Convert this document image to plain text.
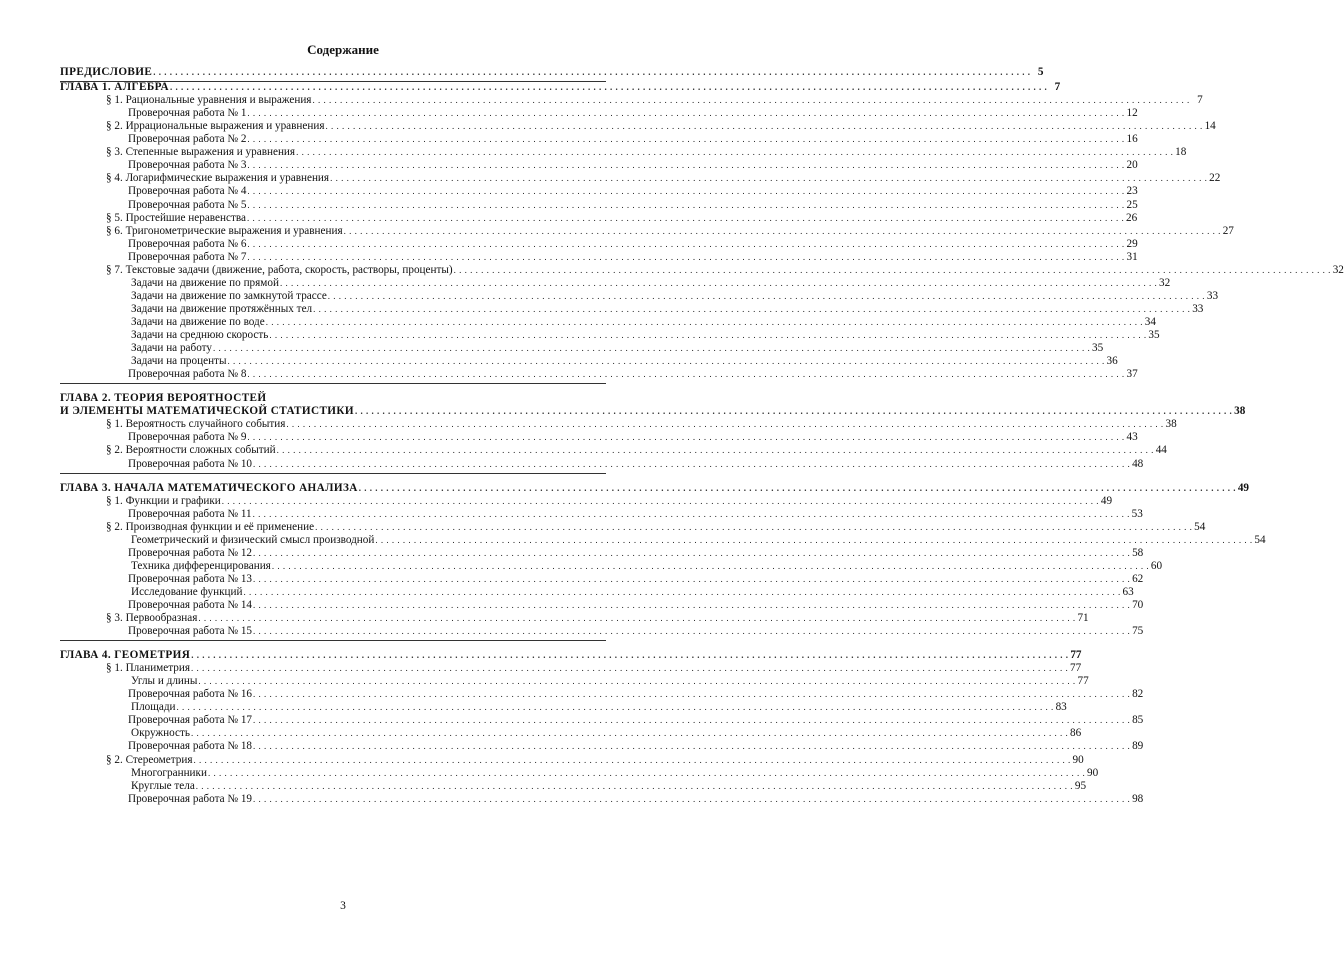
Содержание
ПРЕДИСЛОВИЕ . . . . . . . . . . . . . . . . . . . . . . . . . . . . . . . . . . . . . . . . . . . . . . . . . . . . . . . . . . . . . . . . . . . . . . . . . . . . . . . . . . . . . . . . . . . . . . . . . . . . . . . . . . . . . . . . . . . . . . . . . . . . . . . . . . . . . . . . . . . . . . . . . . . . . . . . . . . . . . . . 5
ГЛАВА 1. АЛГЕБРА . . . . . . . . . . . . . . . . . . . . . . . . . . . . . . . . . . . . . . . . . . . . . . . . . . . . . . . . . . . . . . . . . . . . . . . . . . . . . . . . . . . . . . . . . . . . . . . . . . . . . . . . . . . . . . . . . . . . . . . . . . . . . . . . . . . . . . . . . . . . . . . . . . . . . . . . . . . . . . . . 7
§ 1. Рациональные уравнения и выражения . . . . . . . . . . . . . . . . . . . . . . . . . . . . . . . . . . . . . . . . . . . . . . . . . . . . . . . . . . . . . . . . . . . . . . . . . . . . . . . . . . . . . . . . . . . . . . . . . . . . . . . . . . . . . . . . . . . . . . . . . . . . . . . . . . . . . . . . . . . . . . . . . . . . . . . . . . . . . . . . 7
Проверочная работа № 1 . . . . . . . . . . . . . . . . . . . . . . . . . . . . . . . . . . . . . . . . . . . . . . . . . . . . . . . . . . . . . . . . . . . . . . . . . . . . . . . . . . . . . . . . . . . . . . . . . . . . . . . . . . . . . . . . . . . . . . . . . . . . . . . . . . . . . . . . . . . . . . . . . . . . . . . . . . . . . . . . 12
§ 2. Иррациональные выражения и уравнения . . . . . . . . . . . . . . . . . . . . . . . . . . . . . . . . . . . . . . . . . . . . . . . . . . . . . . . . . . . . . . . . . . . . . . . . . . . . . . . . . . . . . . . . . . . . . . . . . . . . . . . . . . . . . . . . . . . . . . . . . . . . . . . . . . . . . . . . . . . . . . . . . . . . . . . . . . . . . . . . 14
Проверочная работа № 2 . . . . . . . . . . . . . . . . . . . . . . . . . . . . . . . . . . . . . . . . . . . . . . . . . . . . . . . . . . . . . . . . . . . . . . . . . . . . . . . . . . . . . . . . . . . . . . . . . . . . . . . . . . . . . . . . . . . . . . . . . . . . . . . . . . . . . . . . . . . . . . . . . . . . . . . . . . . . . . . . 16
§ 3. Степенные выражения и уравнения . . . . . . . . . . . . . . . . . . . . . . . . . . . . . . . . . . . . . . . . . . . . . . . . . . . . . . . . . . . . . . . . . . . . . . . . . . . . . . . . . . . . . . . . . . . . . . . . . . . . . . . . . . . . . . . . . . . . . . . . . . . . . . . . . . . . . . . . . . . . . . . . . . . . . . . . . . . . . . . . 18
Проверочная работа № 3 . . . . . . . . . . . . . . . . . . . . . . . . . . . . . . . . . . . . . . . . . . . . . . . . . . . . . . . . . . . . . . . . . . . . . . . . . . . . . . . . . . . . . . . . . . . . . . . . . . . . . . . . . . . . . . . . . . . . . . . . . . . . . . . . . . . . . . . . . . . . . . . . . . . . . . . . . . . . . . . . 20
§ 4. Логарифмические выражения и уравнения . . . . . . . . . . . . . . . . . . . . . . . . . . . . . . . . . . . . . . . . . . . . . . . . . . . . . . . . . . . . . . . . . . . . . . . . . . . . . . . . . . . . . . . . . . . . . . . . . . . . . . . . . . . . . . . . . . . . . . . . . . . . . . . . . . . . . . . . . . . . . . . . . . . . . . . . . . . . . . . . 22
Проверочная работа № 4 . . . . . . . . . . . . . . . . . . . . . . . . . . . . . . . . . . . . . . . . . . . . . . . . . . . . . . . . . . . . . . . . . . . . . . . . . . . . . . . . . . . . . . . . . . . . . . . . . . . . . . . . . . . . . . . . . . . . . . . . . . . . . . . . . . . . . . . . . . . . . . . . . . . . . . . . . . . . . . . . 23
Проверочная работа № 5 . . . . . . . . . . . . . . . . . . . . . . . . . . . . . . . . . . . . . . . . . . . . . . . . . . . . . . . . . . . . . . . . . . . . . . . . . . . . . . . . . . . . . . . . . . . . . . . . . . . . . . . . . . . . . . . . . . . . . . . . . . . . . . . . . . . . . . . . . . . . . . . . . . . . . . . . . . . . . . . . 25
§ 5. Простейшие неравенства . . . . . . . . . . . . . . . . . . . . . . . . . . . . . . . . . . . . . . . . . . . . . . . . . . . . . . . . . . . . . . . . . . . . . . . . . . . . . . . . . . . . . . . . . . . . . . . . . . . . . . . . . . . . . . . . . . . . . . . . . . . . . . . . . . . . . . . . . . . . . . . . . . . . . . . . . . . . . . . . 26
§ 6. Тригонометрические выражения и уравнения . . . . . . . . . . . . . . . . . . . . . . . . . . . . . . . . . . . . . . . . . . . . . . . . . . . . . . . . . . . . . . . . . . . . . . . . . . . . . . . . . . . . . . . . . . . . . . . . . . . . . . . . . . . . . . . . . . . . . . . . . . . . . . . . . . . . . . . . . . . . . . . . . . . . . . . . . . . . . . . . 27
Проверочная работа № 6 . . . . . . . . . . . . . . . . . . . . . . . . . . . . . . . . . . . . . . . . . . . . . . . . . . . . . . . . . . . . . . . . . . . . . . . . . . . . . . . . . . . . . . . . . . . . . . . . . . . . . . . . . . . . . . . . . . . . . . . . . . . . . . . . . . . . . . . . . . . . . . . . . . . . . . . . . . . . . . . . 29
Проверочная работа № 7 . . . . . . . . . . . . . . . . . . . . . . . . . . . . . . . . . . . . . . . . . . . . . . . . . . . . . . . . . . . . . . . . . . . . . . . . . . . . . . . . . . . . . . . . . . . . . . . . . . . . . . . . . . . . . . . . . . . . . . . . . . . . . . . . . . . . . . . . . . . . . . . . . . . . . . . . . . . . . . . . 31
§ 7. Текстовые задачи (движение, работа, скорость, растворы, проценты) . . . . . . . . . . . . . . . . . . . . . . . . . . . . . . . . . . . . . . . . . . . . . . . . . . . . . . . . . . . . . . . . . . . . . . . . . . . . . . . . . . . . . . . . . . . . . . . . . . . . . . . . . . . . . . . . . . . . . . . . . . . . . . . . . . . . . . . . . . . . . . . . . . . . . . . . . . . . . . . . 32
Задачи на движение по прямой . . . . . . . . . . . . . . . . . . . . . . . . . . . . . . . . . . . . . . . . . . . . . . . . . . . . . . . . . . . . . . . . . . . . . . . . . . . . . . . . . . . . . . . . . . . . . . . . . . . . . . . . . . . . . . . . . . . . . . . . . . . . . . . . . . . . . . . . . . . . . . . . . . . . . . . . . . . . . . . . 32
Задачи на движение по замкнутой трассе . . . . . . . . . . . . . . . . . . . . . . . . . . . . . . . . . . . . . . . . . . . . . . . . . . . . . . . . . . . . . . . . . . . . . . . . . . . . . . . . . . . . . . . . . . . . . . . . . . . . . . . . . . . . . . . . . . . . . . . . . . . . . . . . . . . . . . . . . . . . . . . . . . . . . . . . . . . . . . . . 33
Задачи на движение протяжённых тел . . . . . . . . . . . . . . . . . . . . . . . . . . . . . . . . . . . . . . . . . . . . . . . . . . . . . . . . . . . . . . . . . . . . . . . . . . . . . . . . . . . . . . . . . . . . . . . . . . . . . . . . . . . . . . . . . . . . . . . . . . . . . . . . . . . . . . . . . . . . . . . . . . . . . . . . . . . . . . . . 33
Задачи на движение по воде . . . . . . . . . . . . . . . . . . . . . . . . . . . . . . . . . . . . . . . . . . . . . . . . . . . . . . . . . . . . . . . . . . . . . . . . . . . . . . . . . . . . . . . . . . . . . . . . . . . . . . . . . . . . . . . . . . . . . . . . . . . . . . . . . . . . . . . . . . . . . . . . . . . . . . . . . . . . . . . . 34
Задачи на среднюю скорость . . . . . . . . . . . . . . . . . . . . . . . . . . . . . . . . . . . . . . . . . . . . . . . . . . . . . . . . . . . . . . . . . . . . . . . . . . . . . . . . . . . . . . . . . . . . . . . . . . . . . . . . . . . . . . . . . . . . . . . . . . . . . . . . . . . . . . . . . . . . . . . . . . . . . . . . . . . . . . . . 35
Задачи на работу . . . . . . . . . . . . . . . . . . . . . . . . . . . . . . . . . . . . . . . . . . . . . . . . . . . . . . . . . . . . . . . . . . . . . . . . . . . . . . . . . . . . . . . . . . . . . . . . . . . . . . . . . . . . . . . . . . . . . . . . . . . . . . . . . . . . . . . . . . . . . . . . . . . . . . . . . . . . . . . . 35
Задачи на проценты . . . . . . . . . . . . . . . . . . . . . . . . . . . . . . . . . . . . . . . . . . . . . . . . . . . . . . . . . . . . . . . . . . . . . . . . . . . . . . . . . . . . . . . . . . . . . . . . . . . . . . . . . . . . . . . . . . . . . . . . . . . . . . . . . . . . . . . . . . . . . . . . . . . . . . . . . . . . . . . . 36
Проверочная работа № 8 . . . . . . . . . . . . . . . . . . . . . . . . . . . . . . . . . . . . . . . . . . . . . . . . . . . . . . . . . . . . . . . . . . . . . . . . . . . . . . . . . . . . . . . . . . . . . . . . . . . . . . . . . . . . . . . . . . . . . . . . . . . . . . . . . . . . . . . . . . . . . . . . . . . . . . . . . . . . . . . . 37
ГЛАВА 2. ТЕОРИЯ ВЕРОЯТНОСТЕЙ
И ЭЛЕМЕНТЫ МАТЕМАТИЧЕСКОЙ СТАТИСТИКИ . . . . . . . . . . . . . . . . . . . . . . . . . . . . . . . . . . . . . . . . . . . . . . . . . . . . . . . . . . . . . . . . . . . . . . . . . . . . . . . . . . . . . . . . . . . . . . . . . . . . . . . . . . . . . . . . . . . . . . . . . . . . . . . . . . . . . . . . . . . . . . . . . . . . . . . . . . . . . . . . 38
§ 1. Вероятность случайного события . . . . . . . . . . . . . . . . . . . . . . . . . . . . . . . . . . . . . . . . . . . . . . . . . . . . . . . . . . . . . . . . . . . . . . . . . . . . . . . . . . . . . . . . . . . . . . . . . . . . . . . . . . . . . . . . . . . . . . . . . . . . . . . . . . . . . . . . . . . . . . . . . . . . . . . . . . . . . . . . 38
Проверочная работа № 9 . . . . . . . . . . . . . . . . . . . . . . . . . . . . . . . . . . . . . . . . . . . . . . . . . . . . . . . . . . . . . . . . . . . . . . . . . . . . . . . . . . . . . . . . . . . . . . . . . . . . . . . . . . . . . . . . . . . . . . . . . . . . . . . . . . . . . . . . . . . . . . . . . . . . . . . . . . . . . . . . 43
§ 2. Вероятности сложных событий . . . . . . . . . . . . . . . . . . . . . . . . . . . . . . . . . . . . . . . . . . . . . . . . . . . . . . . . . . . . . . . . . . . . . . . . . . . . . . . . . . . . . . . . . . . . . . . . . . . . . . . . . . . . . . . . . . . . . . . . . . . . . . . . . . . . . . . . . . . . . . . . . . . . . . . . . . . . . . . . 44
Проверочная работа № 10 . . . . . . . . . . . . . . . . . . . . . . . . . . . . . . . . . . . . . . . . . . . . . . . . . . . . . . . . . . . . . . . . . . . . . . . . . . . . . . . . . . . . . . . . . . . . . . . . . . . . . . . . . . . . . . . . . . . . . . . . . . . . . . . . . . . . . . . . . . . . . . . . . . . . . . . . . . . . . . . . 48
ГЛАВА 3. НАЧАЛА МАТЕМАТИЧЕСКОГО АНАЛИЗА . . . . . . . . . . . . . . . . . . . . . . . . . . . . . . . . . . . . . . . . . . . . . . . . . . . . . . . . . . . . . . . . . . . . . . . . . . . . . . . . . . . . . . . . . . . . . . . . . . . . . . . . . . . . . . . . . . . . . . . . . . . . . . . . . . . . . . . . . . . . . . . . . . . . . . . . . . . . . . . . 49
§ 1. Функции и графики . . . . . . . . . . . . . . . . . . . . . . . . . . . . . . . . . . . . . . . . . . . . . . . . . . . . . . . . . . . . . . . . . . . . . . . . . . . . . . . . . . . . . . . . . . . . . . . . . . . . . . . . . . . . . . . . . . . . . . . . . . . . . . . . . . . . . . . . . . . . . . . . . . . . . . . . . . . . . . . . 49
Проверочная работа № 11 . . . . . . . . . . . . . . . . . . . . . . . . . . . . . . . . . . . . . . . . . . . . . . . . . . . . . . . . . . . . . . . . . . . . . . . . . . . . . . . . . . . . . . . . . . . . . . . . . . . . . . . . . . . . . . . . . . . . . . . . . . . . . . . . . . . . . . . . . . . . . . . . . . . . . . . . . . . . . . . . 53
§ 2. Производная функции и её применение . . . . . . . . . . . . . . . . . . . . . . . . . . . . . . . . . . . . . . . . . . . . . . . . . . . . . . . . . . . . . . . . . . . . . . . . . . . . . . . . . . . . . . . . . . . . . . . . . . . . . . . . . . . . . . . . . . . . . . . . . . . . . . . . . . . . . . . . . . . . . . . . . . . . . . . . . . . . . . . . 54
Геометрический и физический смысл производной . . . . . . . . . . . . . . . . . . . . . . . . . . . . . . . . . . . . . . . . . . . . . . . . . . . . . . . . . . . . . . . . . . . . . . . . . . . . . . . . . . . . . . . . . . . . . . . . . . . . . . . . . . . . . . . . . . . . . . . . . . . . . . . . . . . . . . . . . . . . . . . . . . . . . . . . . . . . . . . . 54
Проверочная работа № 12 . . . . . . . . . . . . . . . . . . . . . . . . . . . . . . . . . . . . . . . . . . . . . . . . . . . . . . . . . . . . . . . . . . . . . . . . . . . . . . . . . . . . . . . . . . . . . . . . . . . . . . . . . . . . . . . . . . . . . . . . . . . . . . . . . . . . . . . . . . . . . . . . . . . . . . . . . . . . . . . . 58
Техника дифференцирования . . . . . . . . . . . . . . . . . . . . . . . . . . . . . . . . . . . . . . . . . . . . . . . . . . . . . . . . . . . . . . . . . . . . . . . . . . . . . . . . . . . . . . . . . . . . . . . . . . . . . . . . . . . . . . . . . . . . . . . . . . . . . . . . . . . . . . . . . . . . . . . . . . . . . . . . . . . . . . . . 60
Проверочная работа № 13 . . . . . . . . . . . . . . . . . . . . . . . . . . . . . . . . . . . . . . . . . . . . . . . . . . . . . . . . . . . . . . . . . . . . . . . . . . . . . . . . . . . . . . . . . . . . . . . . . . . . . . . . . . . . . . . . . . . . . . . . . . . . . . . . . . . . . . . . . . . . . . . . . . . . . . . . . . . . . . . . 62
Исследование функций . . . . . . . . . . . . . . . . . . . . . . . . . . . . . . . . . . . . . . . . . . . . . . . . . . . . . . . . . . . . . . . . . . . . . . . . . . . . . . . . . . . . . . . . . . . . . . . . . . . . . . . . . . . . . . . . . . . . . . . . . . . . . . . . . . . . . . . . . . . . . . . . . . . . . . . . . . . . . . . . 63
Проверочная работа № 14 . . . . . . . . . . . . . . . . . . . . . . . . . . . . . . . . . . . . . . . . . . . . . . . . . . . . . . . . . . . . . . . . . . . . . . . . . . . . . . . . . . . . . . . . . . . . . . . . . . . . . . . . . . . . . . . . . . . . . . . . . . . . . . . . . . . . . . . . . . . . . . . . . . . . . . . . . . . . . . . . 70
§ 3. Первообразная . . . . . . . . . . . . . . . . . . . . . . . . . . . . . . . . . . . . . . . . . . . . . . . . . . . . . . . . . . . . . . . . . . . . . . . . . . . . . . . . . . . . . . . . . . . . . . . . . . . . . . . . . . . . . . . . . . . . . . . . . . . . . . . . . . . . . . . . . . . . . . . . . . . . . . . . . . . . . . . . 71
Проверочная работа № 15 . . . . . . . . . . . . . . . . . . . . . . . . . . . . . . . . . . . . . . . . . . . . . . . . . . . . . . . . . . . . . . . . . . . . . . . . . . . . . . . . . . . . . . . . . . . . . . . . . . . . . . . . . . . . . . . . . . . . . . . . . . . . . . . . . . . . . . . . . . . . . . . . . . . . . . . . . . . . . . . . 75
ГЛАВА 4. ГЕОМЕТРИЯ . . . . . . . . . . . . . . . . . . . . . . . . . . . . . . . . . . . . . . . . . . . . . . . . . . . . . . . . . . . . . . . . . . . . . . . . . . . . . . . . . . . . . . . . . . . . . . . . . . . . . . . . . . . . . . . . . . . . . . . . . . . . . . . . . . . . . . . . . . . . . . . . . . . . . . . . . . . . . . . . 77
§ 1. Планиметрия . . . . . . . . . . . . . . . . . . . . . . . . . . . . . . . . . . . . . . . . . . . . . . . . . . . . . . . . . . . . . . . . . . . . . . . . . . . . . . . . . . . . . . . . . . . . . . . . . . . . . . . . . . . . . . . . . . . . . . . . . . . . . . . . . . . . . . . . . . . . . . . . . . . . . . . . . . . . . . . . 77
Углы и длины . . . . . . . . . . . . . . . . . . . . . . . . . . . . . . . . . . . . . . . . . . . . . . . . . . . . . . . . . . . . . . . . . . . . . . . . . . . . . . . . . . . . . . . . . . . . . . . . . . . . . . . . . . . . . . . . . . . . . . . . . . . . . . . . . . . . . . . . . . . . . . . . . . . . . . . . . . . . . . . . 77
Проверочная работа № 16 . . . . . . . . . . . . . . . . . . . . . . . . . . . . . . . . . . . . . . . . . . . . . . . . . . . . . . . . . . . . . . . . . . . . . . . . . . . . . . . . . . . . . . . . . . . . . . . . . . . . . . . . . . . . . . . . . . . . . . . . . . . . . . . . . . . . . . . . . . . . . . . . . . . . . . . . . . . . . . . . 82
Площади . . . . . . . . . . . . . . . . . . . . . . . . . . . . . . . . . . . . . . . . . . . . . . . . . . . . . . . . . . . . . . . . . . . . . . . . . . . . . . . . . . . . . . . . . . . . . . . . . . . . . . . . . . . . . . . . . . . . . . . . . . . . . . . . . . . . . . . . . . . . . . . . . . . . . . . . . . . . . . . . 83
Проверочная работа № 17 . . . . . . . . . . . . . . . . . . . . . . . . . . . . . . . . . . . . . . . . . . . . . . . . . . . . . . . . . . . . . . . . . . . . . . . . . . . . . . . . . . . . . . . . . . . . . . . . . . . . . . . . . . . . . . . . . . . . . . . . . . . . . . . . . . . . . . . . . . . . . . . . . . . . . . . . . . . . . . . . 85
Окружность . . . . . . . . . . . . . . . . . . . . . . . . . . . . . . . . . . . . . . . . . . . . . . . . . . . . . . . . . . . . . . . . . . . . . . . . . . . . . . . . . . . . . . . . . . . . . . . . . . . . . . . . . . . . . . . . . . . . . . . . . . . . . . . . . . . . . . . . . . . . . . . . . . . . . . . . . . . . . . . . 86
Проверочная работа № 18 . . . . . . . . . . . . . . . . . . . . . . . . . . . . . . . . . . . . . . . . . . . . . . . . . . . . . . . . . . . . . . . . . . . . . . . . . . . . . . . . . . . . . . . . . . . . . . . . . . . . . . . . . . . . . . . . . . . . . . . . . . . . . . . . . . . . . . . . . . . . . . . . . . . . . . . . . . . . . . . . 89
§ 2. Стереометрия . . . . . . . . . . . . . . . . . . . . . . . . . . . . . . . . . . . . . . . . . . . . . . . . . . . . . . . . . . . . . . . . . . . . . . . . . . . . . . . . . . . . . . . . . . . . . . . . . . . . . . . . . . . . . . . . . . . . . . . . . . . . . . . . . . . . . . . . . . . . . . . . . . . . . . . . . . . . . . . . 90
Многогранники . . . . . . . . . . . . . . . . . . . . . . . . . . . . . . . . . . . . . . . . . . . . . . . . . . . . . . . . . . . . . . . . . . . . . . . . . . . . . . . . . . . . . . . . . . . . . . . . . . . . . . . . . . . . . . . . . . . . . . . . . . . . . . . . . . . . . . . . . . . . . . . . . . . . . . . . . . . . . . . . 90
Круглые тела . . . . . . . . . . . . . . . . . . . . . . . . . . . . . . . . . . . . . . . . . . . . . . . . . . . . . . . . . . . . . . . . . . . . . . . . . . . . . . . . . . . . . . . . . . . . . . . . . . . . . . . . . . . . . . . . . . . . . . . . . . . . . . . . . . . . . . . . . . . . . . . . . . . . . . . . . . . . . . . . 95
Проверочная работа № 19 . . . . . . . . . . . . . . . . . . . . . . . . . . . . . . . . . . . . . . . . . . . . . . . . . . . . . . . . . . . . . . . . . . . . . . . . . . . . . . . . . . . . . . . . . . . . . . . . . . . . . . . . . . . . . . . . . . . . . . . . . . . . . . . . . . . . . . . . . . . . . . . . . . . . . . . . . . . . . . . . 98
3
